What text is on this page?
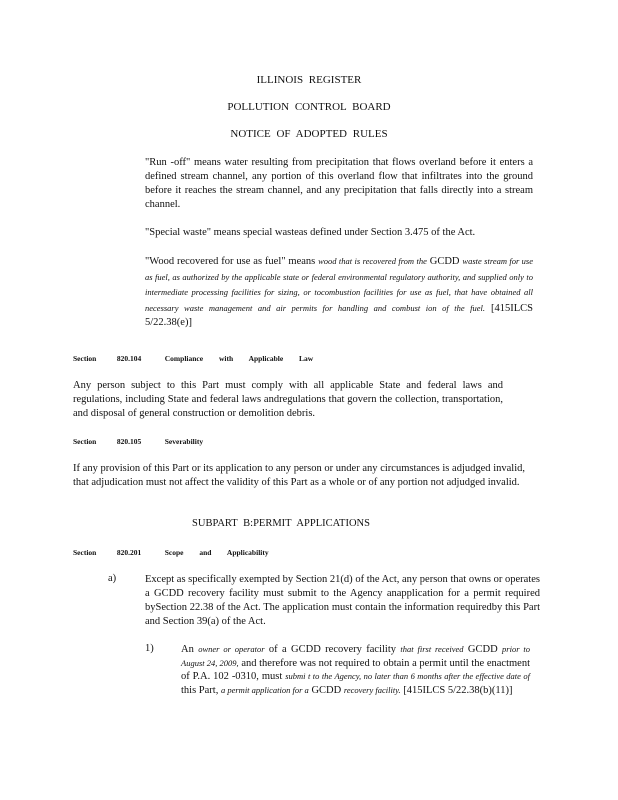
ILLINOIS REGISTER
POLLUTION CONTROL BOARD
NOTICE OF ADOPTED RULES

"Run -off" means water resulting from precipitation that flows overland before it enters a defined stream channel, any portion of this overland flow that infiltrates into the ground before it reaches the stream channel, and any precipitation that falls directly into a stream channel.

"Special waste" means special wasteas defined under Section 3.475 of the Act.

"Wood recovered for use as fuel" means wood that is recovered from the GCDD waste stream for use as fuel, as authorized by the applicable state or federal environmental regulatory authority, and supplied only to intermediate processing facilities for sizing, or tocombustion facilities for use as fuel, that have obtained all necessary waste management and air permits for handling and combust ion of the fuel. [415ILCS 5/22.38(e)]

Section	820.104	Compliance with Applicable Law

Any person subject to this Part must comply with all applicable State and federal laws and regulations, including State and federal laws andregulations that govern the collection, transportation, and disposal of general construction or demolition debris.

Section	820.105	Severability

If any provision of this Part or its application to any person or under any circumstances is adjudged invalid, that adjudication must not affect the validity of this Part as a whole or of any portion not adjudged invalid.

SUBPART B:PERMIT APPLICATIONS
Section	820.201	Scope and Applicability
a)	Except as specifically exempted by Section 21(d) of the Act, any person that owns or operates a GCDD recovery facility must submit to the Agency anapplication for a permit required bySection 22.38 of the Act. The application must contain the information requiredby this Part and Section 39(a) of the Act.

1)	An owner or operator of a GCDD recovery facility that first received GCDD prior to August 24, 2009, and therefore was not required to obtain a permit until the enactment of P.A. 102 -0310, must submi t to the Agency, no later than 6 months after the effective date of this Part, a permit application for a GCDD recovery facility. [415ILCS 5/22.38(b)(11)]
